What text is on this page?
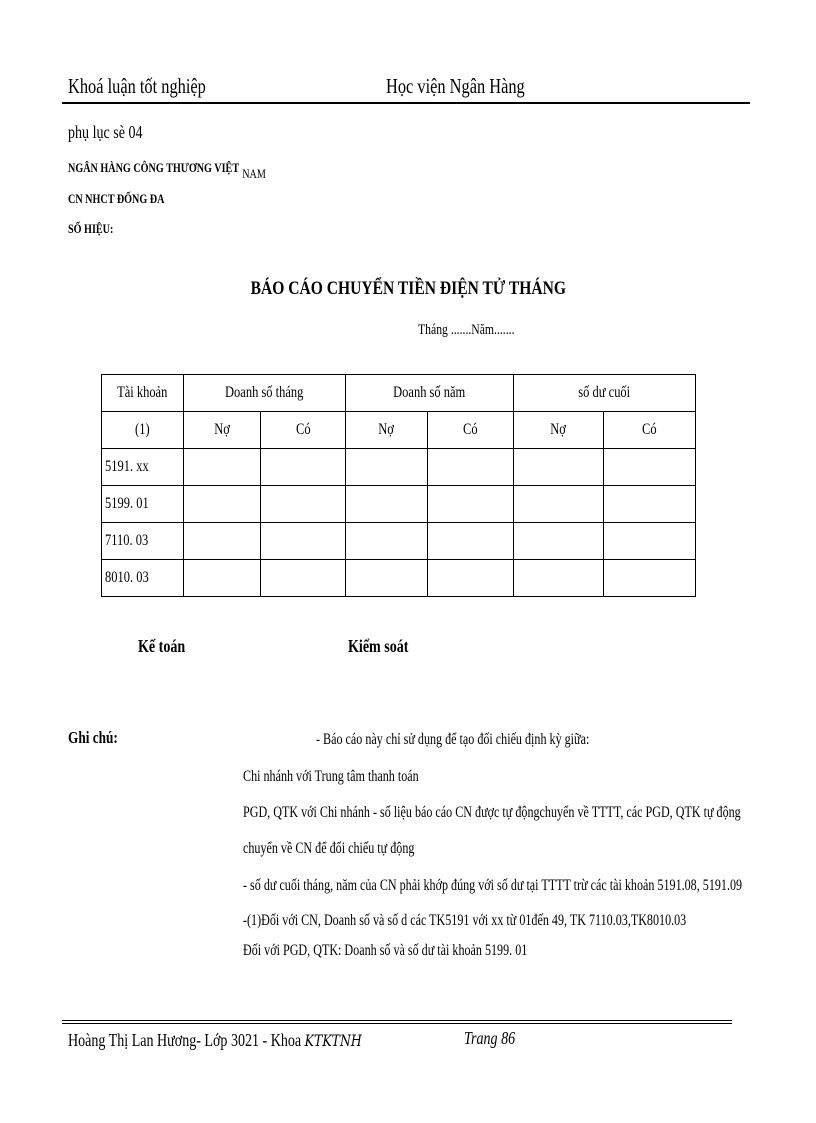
Khoá luận tốt nghiệp	Học viện Ngân Hàng
phụ lục sè 04
NGÂN HÀNG CÔNG THƯƠNG VIỆT NAM
CN NHCT ĐỐNG ĐA
SỐ HIỆU:
BÁO CÁO CHUYỂN TIỀN ĐIỆN TỬ THÁNG
Tháng .......Năm.......
Tài khoản	Doanh số tháng		Doanh số năm		số dư cuối	
(1)	Nợ	Có	Nợ	Có	Nợ	Có
5191. xx						
5199. 01						
7110. 03						
8010. 03						
Kế toán	Kiểm soát
Ghi chú:	- Báo cáo này chỉ sử dụng để tạo đối chiếu định kỳ giữa:
Chi nhánh với Trung tâm thanh toán
PGD, QTK với Chi nhánh - số liệu báo cáo CN được tự độngchuyển về TTTT, các PGD, QTK tự động
chuyển về CN để đối chiếu tự động
- số dư cuối tháng, năm của CN phải khớp đúng với số dư tại TTTT trừ các tài khoản 5191.08, 5191.09
-(1)Đối với CN, Doanh số và số d các TK5191 với xx từ 01đến 49, TK 7110.03,TK8010.03
Đối với PGD, QTK: Doanh số và số dư tài khoản 5199. 01
Hoàng Thị Lan Hương- Lớp 3021 - Khoa KTKTNH	Trang 86
